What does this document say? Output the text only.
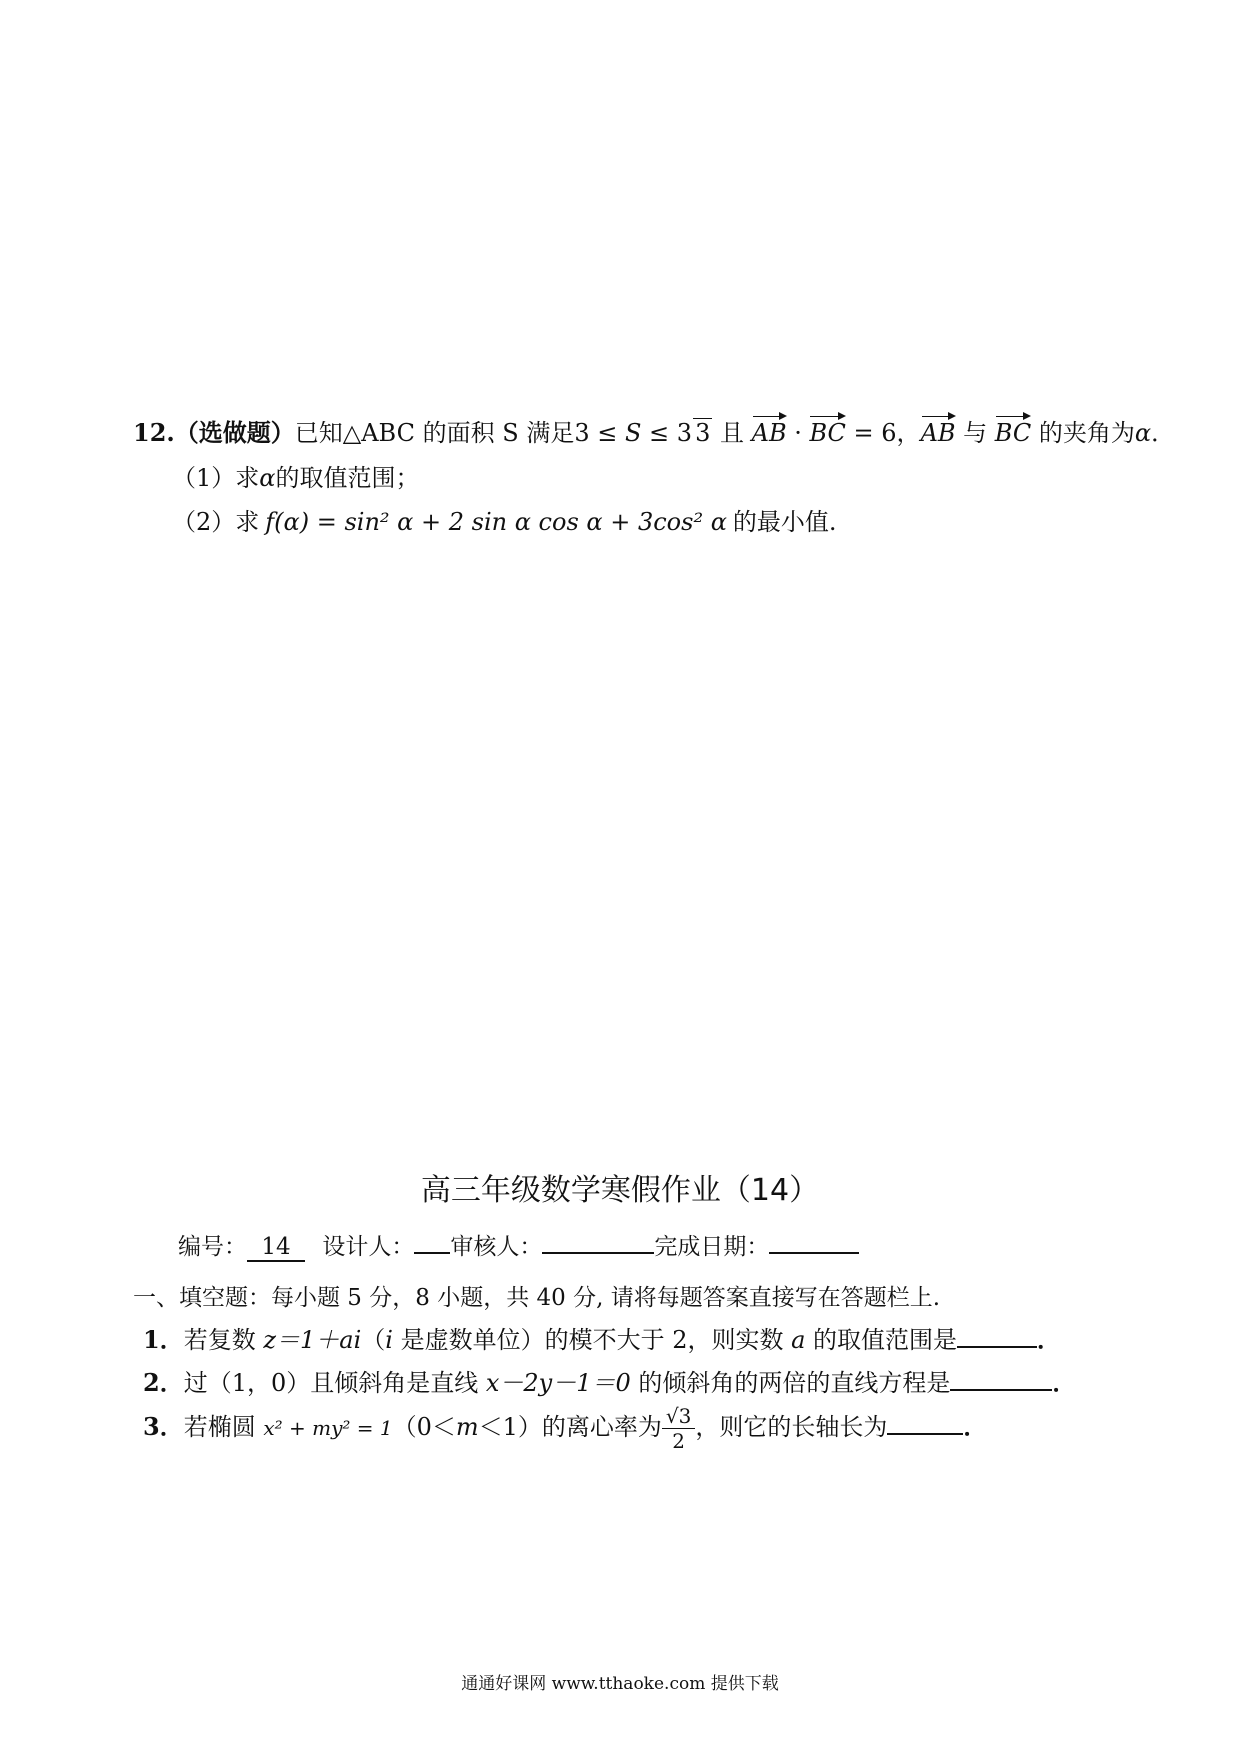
12.（选做题）已知△ABC 的面积 S 满足3 ≤ S ≤ 3 3 且 AB · BC = 6，AB 与 BC 的夹角为α．
（1）求α的取值范围；
（2）求 f(α) = sin² α + 2 sin α cos α + 3cos² α 的最小值.
高三年级数学寒假作业（14）
编号： 14 设计人： 审核人：	完成日期：
一、填空题：每小题 5 分，8 小题，共 40 分, 请将每题答案直接写在答题栏上.
1．若复数 z＝1＋ai（i 是虚数单位）的模不大于 2，则实数 a 的取值范围是	．
2．过（1，0）且倾斜角是直线 x－2y－1＝0 的倾斜角的两倍的直线方程是	．
3．若椭圆 x² + my² = 1（0＜m＜1）的离心率为 $\frac{√3}{2}$ ，则它的长轴长为	．
通通好课网 www.tthaoke.com 提供下载
